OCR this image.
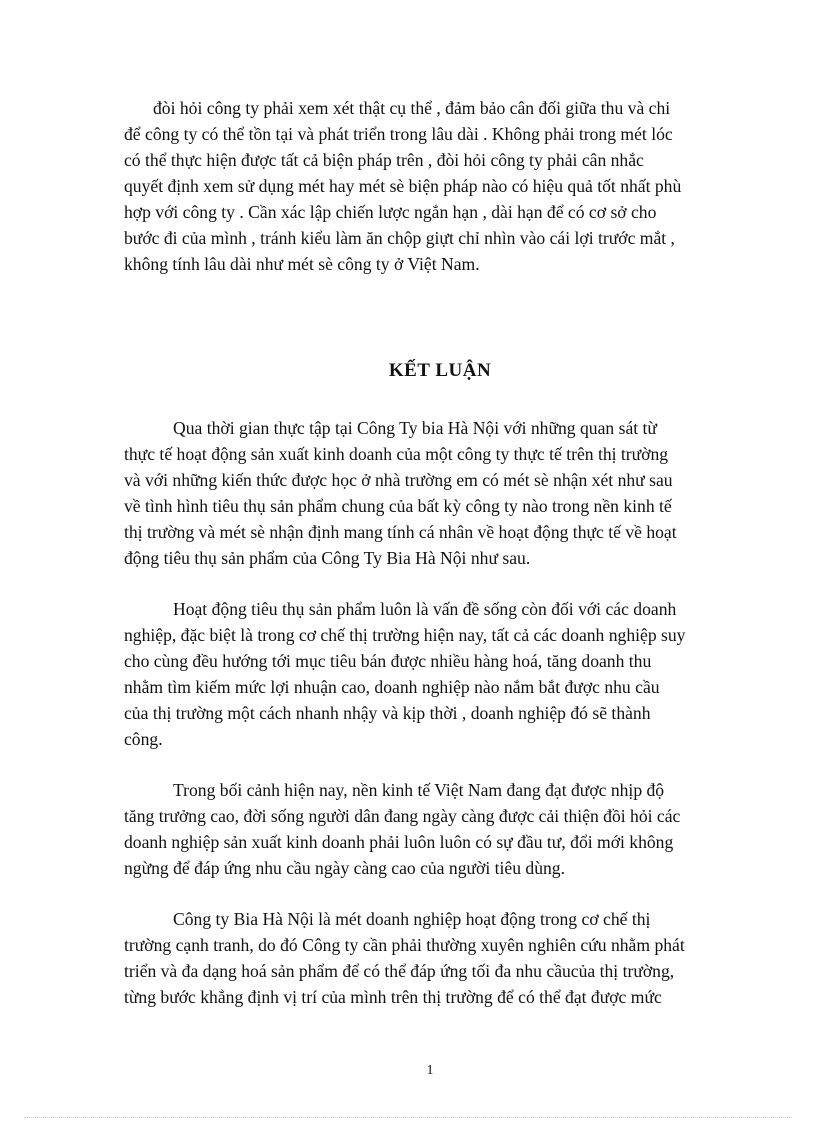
đòi hỏi công ty phải xem xét thật cụ thể , đảm bảo cân đối giữa thu và chi
để công ty có thể tồn tại và phát triển trong lâu dài . Không phải trong mét lóc
có thể thực hiện được tất cả biện pháp trên , đòi hỏi công ty phải cân nhắc
quyết định xem sử dụng mét hay mét sè biện pháp nào có hiệu quả tốt nhất phù
hợp với công ty . Cần xác lập chiến lược ngắn hạn , dài hạn để có cơ sở cho
bước đi của mình , tránh kiểu làm ăn chộp giựt chỉ nhìn vào cái lợi trước mắt ,
không tính lâu dài như mét sè công ty ở Việt Nam.
KẾT LUẬN
Qua thời gian thực tập tại Công Ty bia Hà Nội với những quan sát từ
thực tế hoạt động sản xuất kinh doanh của một công ty thực tế trên thị trường
và với những kiến thức được học ở nhà trường em có mét sè nhận xét như sau
về tình hình tiêu thụ sản phẩm chung của bất kỳ công ty nào trong nền kinh tế
thị trường và mét sè nhận định mang tính cá nhân về hoạt động thực tế về hoạt
động tiêu thụ sản phẩm của Công Ty Bia Hà Nội như sau.
Hoạt động tiêu thụ sản phẩm luôn là vấn đề sống còn đối với các doanh
nghiệp, đặc biệt là trong cơ chế thị trường hiện nay, tất cả các doanh nghiệp suy
cho cùng đều hướng tới mục tiêu bán được nhiều hàng hoá, tăng doanh thu
nhằm tìm kiếm mức lợi nhuận cao, doanh nghiệp nào nắm bắt được nhu cầu
của thị trường một cách nhanh nhậy và kịp thời , doanh nghiệp đó sẽ thành
công.
Trong bối cảnh hiện nay, nền kinh tế Việt Nam đang đạt được nhịp độ
tăng trưởng cao, đời sống người dân đang ngày càng được cải thiện đồi hỏi các
doanh nghiệp sản xuất kinh doanh phải luôn luôn có sự đầu tư, đổi mới không
ngừng để đáp ứng nhu cầu ngày càng cao của người tiêu dùng.
Công ty Bia Hà Nội là mét doanh nghiệp hoạt động trong cơ chế thị
trường cạnh tranh, do đó Công ty cần phải thường xuyên nghiên cứu nhằm phát
triển và đa dạng hoá sản phẩm để có thể đáp ứng tối đa nhu cầucủa thị trường,
từng bước khẳng định vị trí của mình trên thị trường để có thể đạt được mức
1
